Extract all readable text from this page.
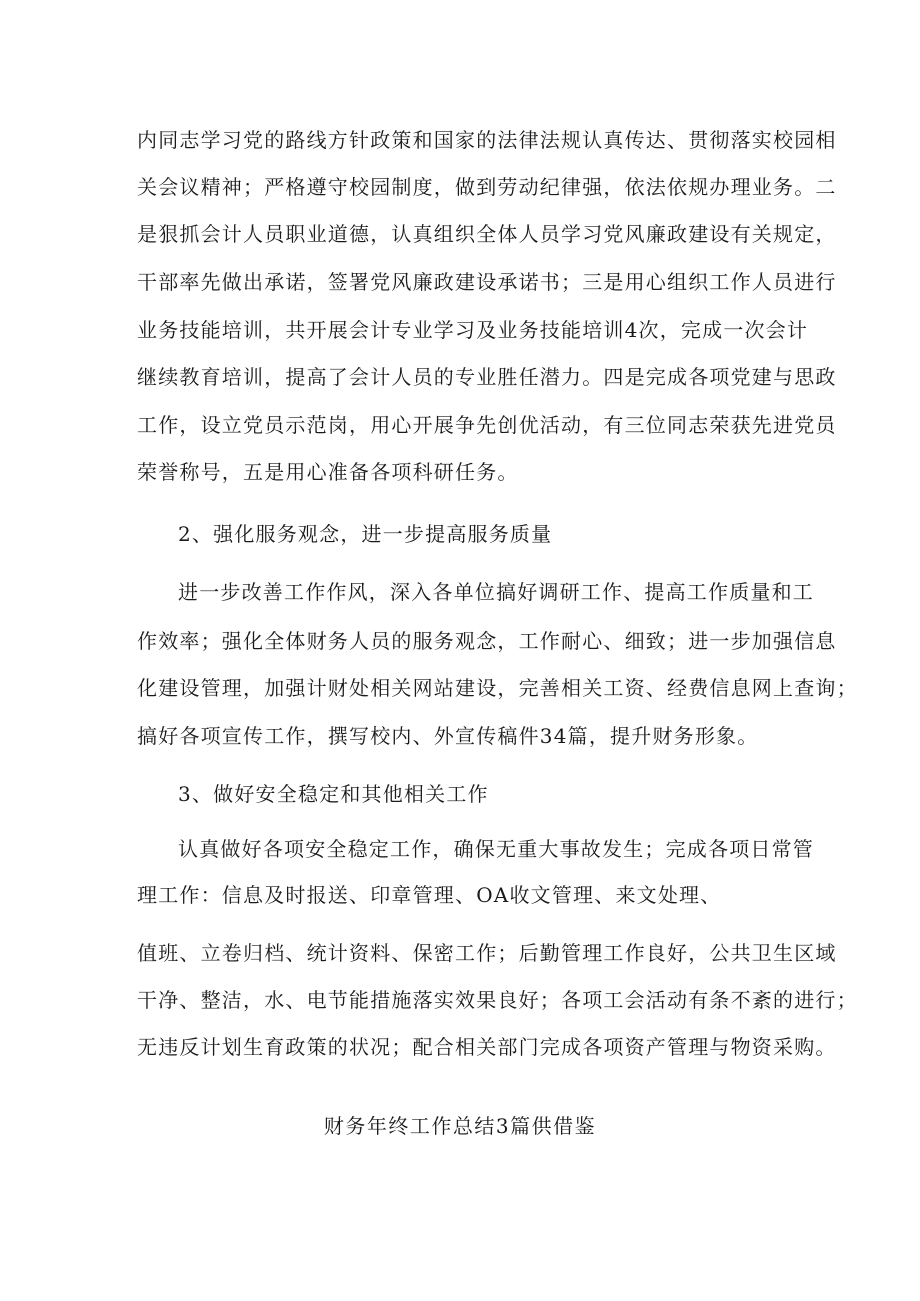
内同志学习党的路线方针政策和国家的法律法规认真传达、贯彻落实校园相
关会议精神；严格遵守校园制度，做到劳动纪律强，依法依规办理业务。二
是狠抓会计人员职业道德，认真组织全体人员学习党风廉政建设有关规定，
干部率先做出承诺，签署党风廉政建设承诺书；三是用心组织工作人员进行
业务技能培训，共开展会计专业学习及业务技能培训4次，完成一次会计
继续教育培训，提高了会计人员的专业胜任潜力。四是完成各项党建与思政
工作，设立党员示范岗，用心开展争先创优活动，有三位同志荣获先进党员
荣誉称号，五是用心准备各项科研任务。
2、强化服务观念，进一步提高服务质量
进一步改善工作作风，深入各单位搞好调研工作、提高工作质量和工
作效率；强化全体财务人员的服务观念，工作耐心、细致；进一步加强信息
化建设管理，加强计财处相关网站建设，完善相关工资、经费信息网上查询；
搞好各项宣传工作，撰写校内、外宣传稿件34篇，提升财务形象。
3、做好安全稳定和其他相关工作
认真做好各项安全稳定工作，确保无重大事故发生；完成各项日常管
理工作：信息及时报送、印章管理、OA收文管理、来文处理、
值班、立卷归档、统计资料、保密工作；后勤管理工作良好，公共卫生区域
干净、整洁，水、电节能措施落实效果良好；各项工会活动有条不紊的进行；
无违反计划生育政策的状况；配合相关部门完成各项资产管理与物资采购。
财务年终工作总结3篇供借鉴
